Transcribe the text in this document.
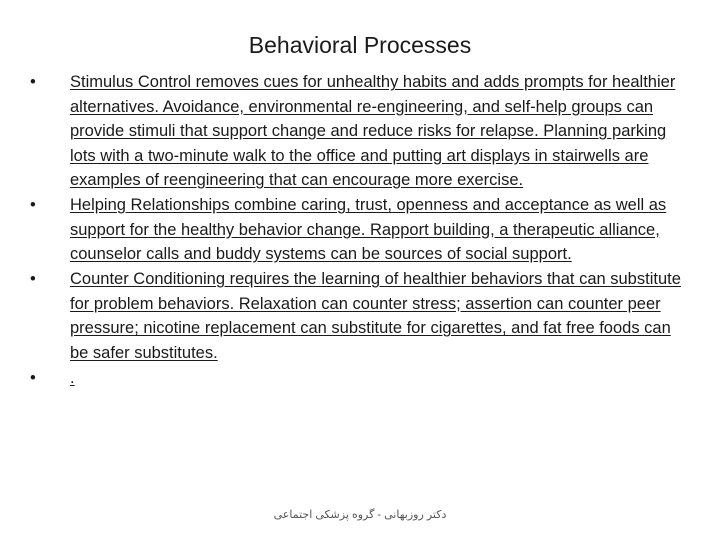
Behavioral Processes
•	Stimulus Control removes cues for unhealthy habits and adds prompts for healthier alternatives. Avoidance, environmental re-engineering, and self-help groups can provide stimuli that support change and reduce risks for relapse. Planning parking lots with a two-minute walk to the office and putting art displays in stairwells are examples of reengineering that can encourage more exercise.
•	Helping Relationships combine caring, trust, openness and acceptance as well as support for the healthy behavior change. Rapport building, a therapeutic alliance, counselor calls and buddy systems can be sources of social support.
•	Counter Conditioning requires the learning of healthier behaviors that can substitute for problem behaviors. Relaxation can counter stress; assertion can counter peer pressure; nicotine replacement can substitute for cigarettes, and fat free foods can be safer substitutes.
•	.
دکتر روزبهانی - گروه پزشکی اجتماعی
